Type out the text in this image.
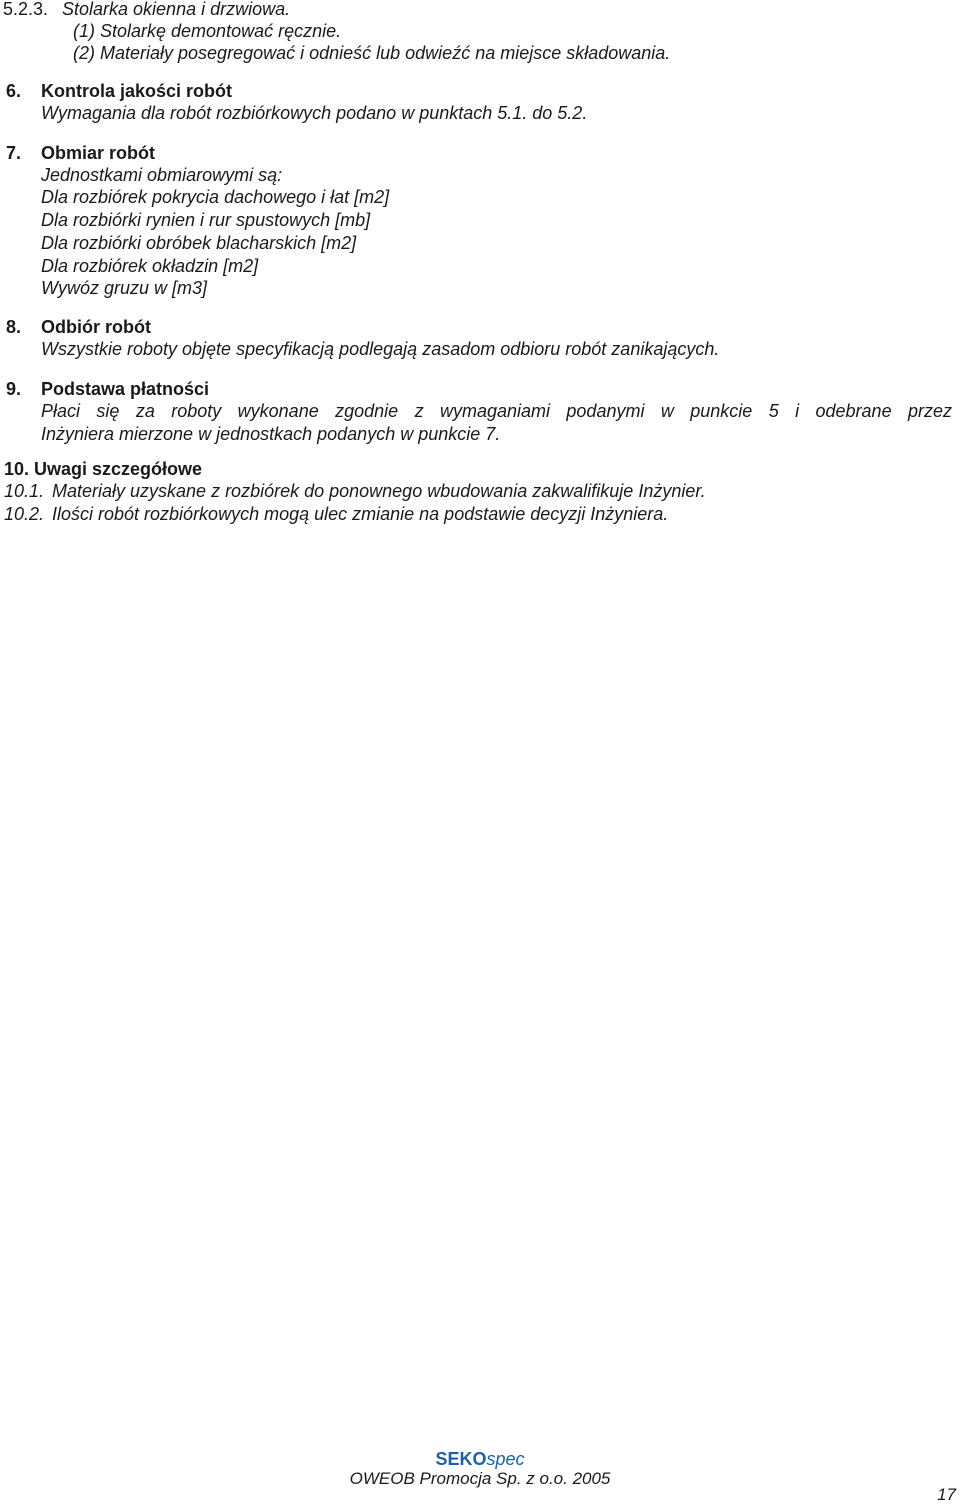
5.2.3. Stolarka okienna i drzwiowa.
(1) Stolarkę demontować ręcznie.
(2) Materiały posegregować i odnieść lub odwieźć na miejsce składowania.
6. Kontrola jakości robót
Wymagania dla robót rozbiórkowych podano w punktach 5.1. do 5.2.
7. Obmiar robót
Jednostkami obmiarowymi są:
Dla rozbiórek pokrycia dachowego i łat [m2]
Dla rozbiórki rynien i rur spustowych [mb]
Dla rozbiórki obróbek blacharskich [m2]
Dla rozbiórek okładzin [m2]
Wywóz gruzu w [m3]
8. Odbiór robót
Wszystkie roboty objęte specyfikacją podlegają zasadom odbioru robót zanikających.
9. Podstawa płatności
Płaci się za roboty wykonane zgodnie z wymaganiami podanymi w punkcie 5 i odebrane przez
Inżyniera mierzone w jednostkach podanych w punkcie 7.
10. Uwagi szczegółowe
10.1. Materiały uzyskane z rozbiórek do ponownego wbudowania zakwalifikuje Inżynier.
10.2. Ilości robót rozbiórkowych mogą ulec zmianie na podstawie decyzji Inżyniera.
SEKOspec
OWEOB Promocja Sp. z o.o. 2005
17
